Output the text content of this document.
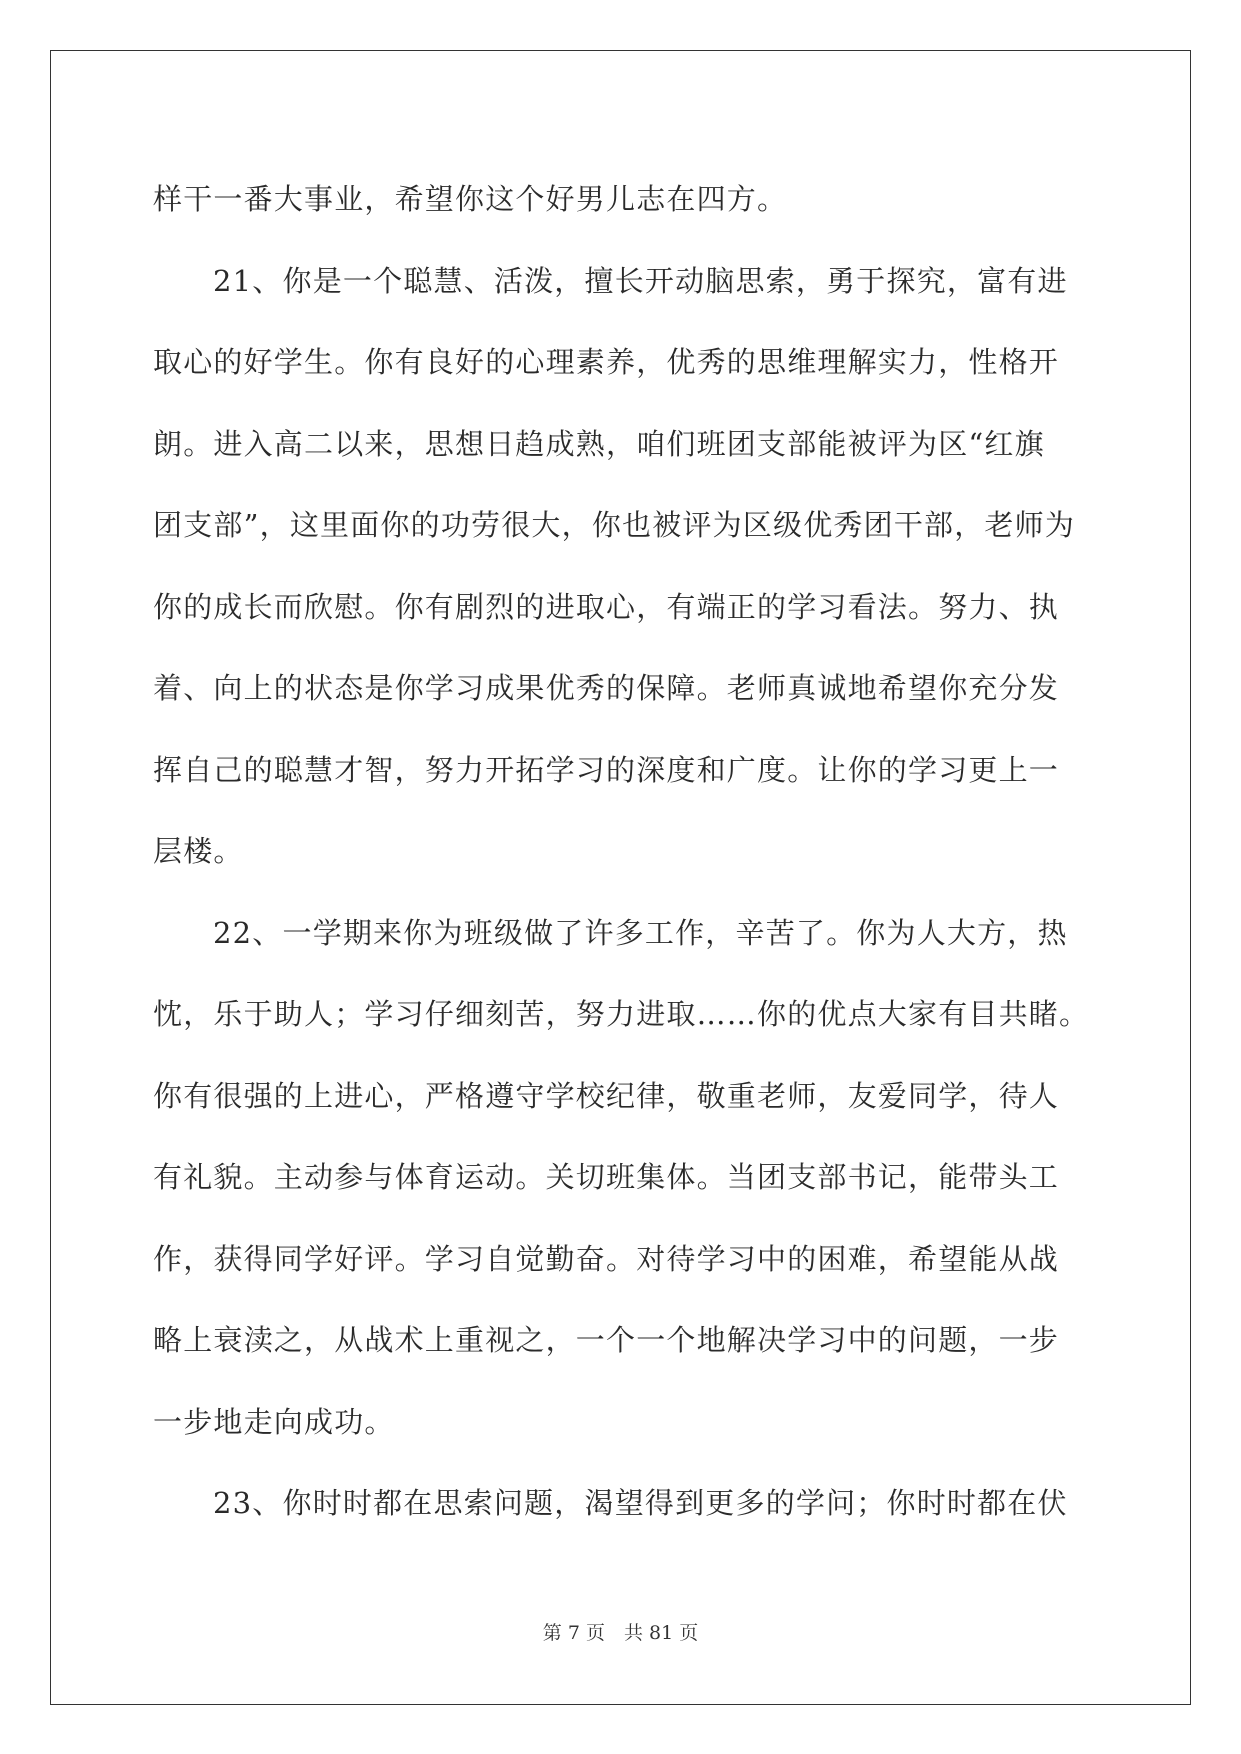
样干一番大事业，希望你这个好男儿志在四方。
21、你是一个聪慧、活泼，擅长开动脑思索，勇于探究，富有进
取心的好学生。你有良好的心理素养，优秀的思维理解实力，性格开
朗。进入高二以来，思想日趋成熟，咱们班团支部能被评为区“红旗
团支部”，这里面你的功劳很大，你也被评为区级优秀团干部，老师为
你的成长而欣慰。你有剧烈的进取心，有端正的学习看法。努力、执
着、向上的状态是你学习成果优秀的保障。老师真诚地希望你充分发
挥自己的聪慧才智，努力开拓学习的深度和广度。让你的学习更上一
层楼。
22、一学期来你为班级做了许多工作，辛苦了。你为人大方，热
忱，乐于助人；学习仔细刻苦，努力进取……你的优点大家有目共睹。
你有很强的上进心，严格遵守学校纪律，敬重老师，友爱同学，待人
有礼貌。主动参与体育运动。关切班集体。当团支部书记，能带头工
作，获得同学好评。学习自觉勤奋。对待学习中的困难，希望能从战
略上衰渎之，从战术上重视之，一个一个地解决学习中的问题，一步
一步地走向成功。
23、你时时都在思索问题，渴望得到更多的学问；你时时都在伏
第 7 页　共 81 页
